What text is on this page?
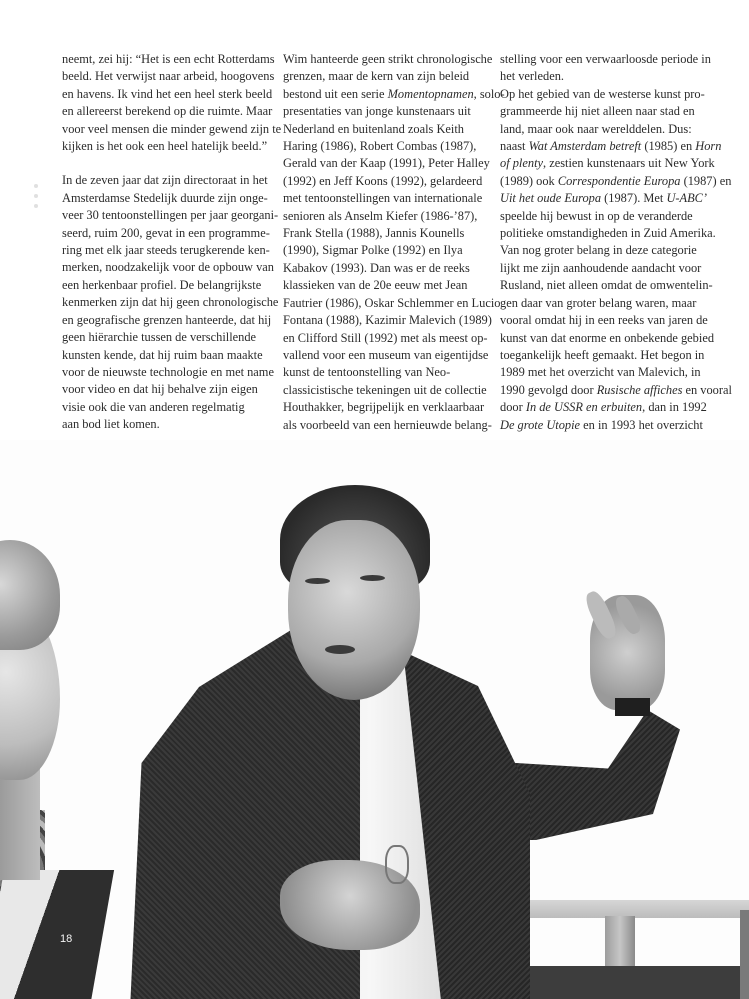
neemt, zei hij: “Het is een echt Rotterdams
beeld. Het verwijst naar arbeid, hoogovens
en havens. Ik vind het een heel sterk beeld
en allereerst berekend op die ruimte. Maar
voor veel mensen die minder gewend zijn te
kijken is het ook een heel hatelijk beeld.”

In de zeven jaar dat zijn directoraat in het
Amsterdamse Stedelijk duurde zijn onge-
veer 30 tentoonstellingen per jaar georgani-
seerd, ruim 200, gevat in een programme-
ring met elk jaar steeds terugkerende ken-
merken, noodzakelijk voor de opbouw van
een herkenbaar profiel. De belangrijkste
kenmerken zijn dat hij geen chronologische
en geografische grenzen hanteerde, dat hij
geen hiërarchie tussen de verschillende
kunsten kende, dat hij ruim baan maakte
voor de nieuwste technologie en met name
voor video en dat hij behalve zijn eigen
visie ook die van anderen regelmatig
aan bod liet komen.

Wim hanteerde geen strikt chronologische
grenzen, maar de kern van zijn beleid
bestond uit een serie Momentopnamen, solo-
presentaties van jonge kunstenaars uit
Nederland en buitenland zoals Keith
Haring (1986), Robert Combas (1987),
Gerald van der Kaap (1991), Peter Halley
(1992) en Jeff Koons (1992), gelardeerd
met tentoonstellingen van internationale
senioren als Anselm Kiefer (1986-’87),
Frank Stella (1988), Jannis Kounells
(1990), Sigmar Polke (1992) en Ilya
Kabakov (1993). Dan was er de reeks
klassieken van de 20e eeuw met Jean
Fautrier (1986), Oskar Schlemmer en Lucio
Fontana (1988), Kazimir Malevich (1989)
en Clifford Still (1992) met als meest op-
vallend voor een museum van eigentijdse
kunst de tentoonstelling van Neo-
classicistische tekeningen uit de collectie
Houthakker, begrijpelijk en verklaarbaar
als voorbeeld van een hernieuwde belang-

stelling voor een verwaarloosde periode in
het verleden.
Op het gebied van de westerse kunst pro-
grammeerde hij niet alleen naar stad en
land, maar ook naar werelddelen. Dus:
naast Wat Amsterdam betreft (1985) en Horn
of plenty, zestien kunstenaars uit New York
(1989) ook Correspondentie Europa (1987) en
Uit het oude Europa (1987). Met U-ABC’
speelde hij bewust in op de veranderde
politieke omstandigheden in Zuid Amerika.
Van nog groter belang in deze categorie
lijkt me zijn aanhoudende aandacht voor
Rusland, niet alleen omdat de omwentelin-
gen daar van groter belang waren, maar
vooral omdat hij in een reeks van jaren de
kunst van dat enorme en onbekende gebied
toegankelijk heeft gemaakt. Het begon in
1989 met het overzicht van Malevich, in
1990 gevolgd door Rusische affiches en vooral
door In de USSR en erbuiten, dan in 1992
De grote Utopie en in 1993 het overzicht

18
